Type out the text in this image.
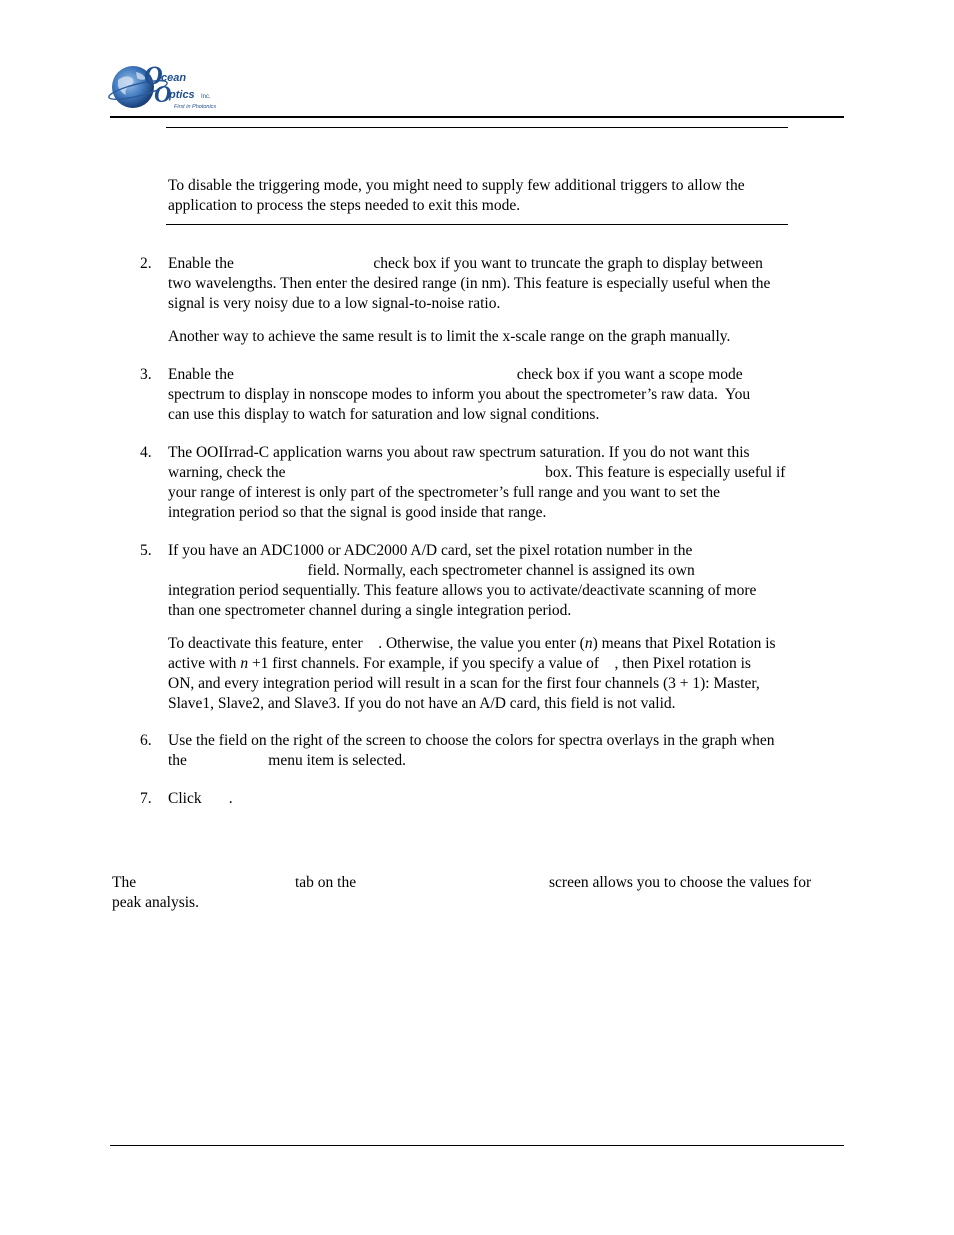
O
cean
O
ptics Inc.
First in Photonics
To disable the triggering mode, you might need to supply few additional triggers to allow the application to process the steps needed to exit this mode.
2.	Enable the                                    check box if you want to truncate the graph to display between
two wavelengths. Then enter the desired range (in nm). This feature is especially useful when the
signal is very noisy due to a low signal-to-noise ratio.
Another way to achieve the same result is to limit the x-scale range on the graph manually.
3.	Enable the                                                                         check box if you want a scope mode
spectrum to display in nonscope modes to inform you about the spectrometer’s raw data.  You
can use this display to watch for saturation and low signal conditions.
4.	The OOIIrrad-C application warns you about raw spectrum saturation. If you do not want this
warning, check the                                                                   box. This feature is especially useful if
your range of interest is only part of the spectrometer’s full range and you want to set the
integration period so that the signal is good inside that range.
5.	If you have an ADC1000 or ADC2000 A/D card, set the pixel rotation number in the
field. Normally, each spectrometer channel is assigned its own
integration period sequentially. This feature allows you to activate/deactivate scanning of more
than one spectrometer channel during a single integration period.
To deactivate this feature, enter    . Otherwise, the value you enter (n) means that Pixel Rotation is
active with n +1 first channels. For example, if you specify a value of    , then Pixel rotation is
ON, and every integration period will result in a scan for the first four channels (3 + 1): Master,
Slave1, Slave2, and Slave3. If you do not have an A/D card, this field is not valid.
6.	Use the field on the right of the screen to choose the colors for spectra overlays in the graph when
the                     menu item is selected.
7.	Click       .
The	tab on the	screen allows you to choose the values for
peak analysis.
